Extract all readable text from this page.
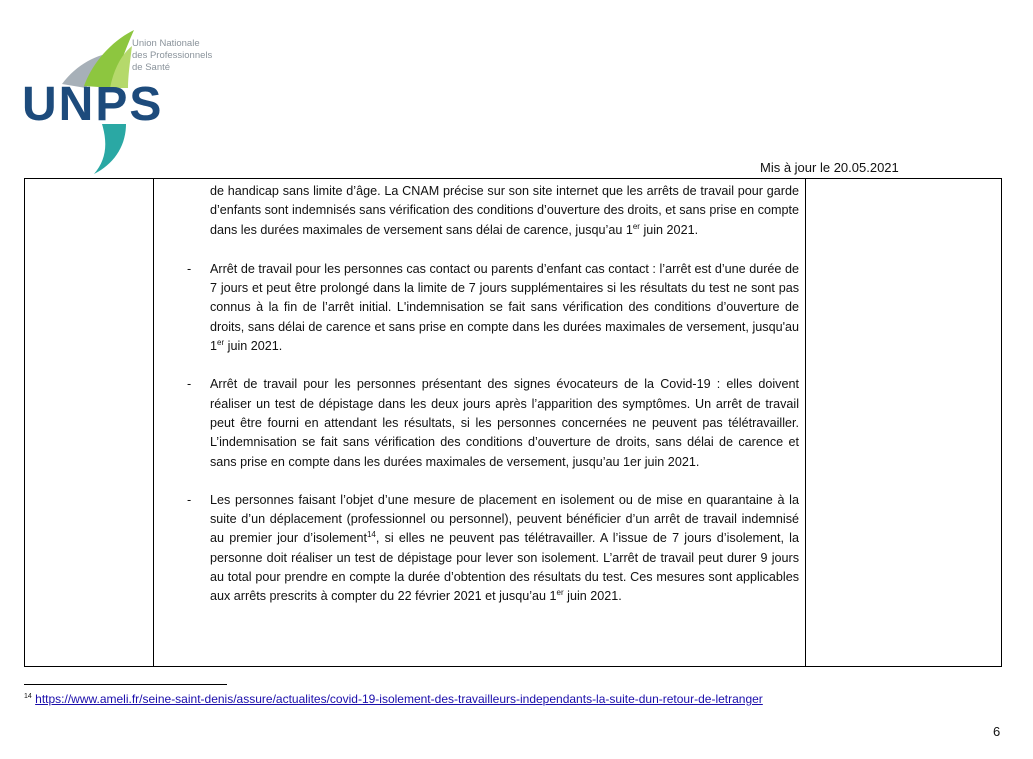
UNPS
Union Nationale
des Professionnels
de Santé
Mis à jour le 20.05.2021

de handicap sans limite d’âge. La CNAM précise sur son site internet que les arrêts de travail pour garde d’enfants sont indemnisés sans vérification des conditions d’ouverture des droits, et sans prise en compte dans les durées maximales de versement sans délai de carence, jusqu’au 1er juin 2021.

-	Arrêt de travail pour les personnes cas contact ou parents d’enfant cas contact : l’arrêt est d’une durée de 7 jours et peut être prolongé dans la limite de 7 jours supplémentaires si les résultats du test ne sont pas connus à la fin de l’arrêt initial. L'indemnisation se fait sans vérification des conditions d’ouverture de droits, sans délai de carence et sans prise en compte dans les durées maximales de versement, jusqu'au 1er juin 2021.
-	Arrêt de travail pour les personnes présentant des signes évocateurs de la Covid-19 : elles doivent réaliser un test de dépistage dans les deux jours après l’apparition des symptômes. Un arrêt de travail peut être fourni en attendant les résultats, si les personnes concernées ne peuvent pas télétravailler. L’indemnisation se fait sans vérification des conditions d’ouverture de droits, sans délai de carence et sans prise en compte dans les durées maximales de versement, jusqu’au 1er juin 2021.
-	Les personnes faisant l’objet d’une mesure de placement en isolement ou de mise en quarantaine à la suite d’un déplacement (professionnel ou personnel), peuvent bénéficier d’un arrêt de travail indemnisé au premier jour d’isolement$^{14}$, si elles ne peuvent pas télétravailler. A l’issue de 7 jours d’isolement, la personne doit réaliser un test de dépistage pour lever son isolement. L’arrêt de travail peut durer 9 jours au total pour prendre en compte la durée d’obtention des résultats du test. Ces mesures sont applicables aux arrêts prescrits à compter du 22 février 2021 et jusqu’au 1er juin 2021.

$^{14}$ https://www.ameli.fr/seine-saint-denis/assure/actualites/covid-19-isolement-des-travailleurs-independants-la-suite-dun-retour-de-letranger
6
